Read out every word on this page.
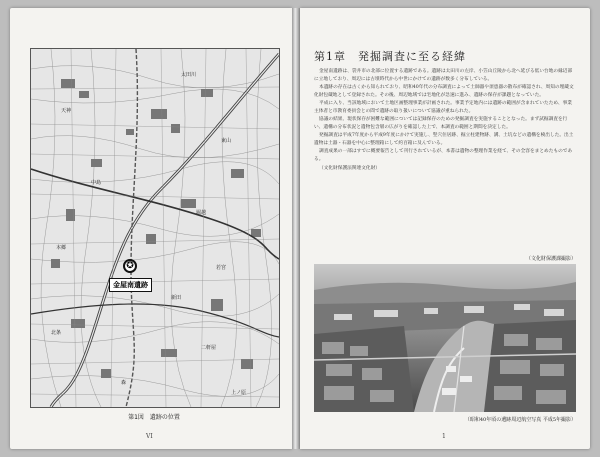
太田川
天神
東山
中島
堀越
本郷
若宮
新田
北条
二軒屋
森
上ノ原
✪
金屋南遺跡
第1図　遺跡の位置
VI
第1章　発掘調査に至る経緯

金屋南遺跡は、袋井市の北部に位置する遺跡である。遺跡は太田川の左岸、小笠山丘陵から北へ延びる低い台地の縁辺部に立地しており、周辺には古墳時代から中世にかけての遺跡が数多く分布している。

本遺跡の存在は古くから知られており、昭和40年代の分布調査によって土師器や須恵器の散布が確認され、周知の埋蔵文化財包蔵地として登録された。その後、周辺地域では宅地化が急速に進み、遺跡の保存が課題となっていた。

平成に入り、当該地域において土地区画整理事業が計画された。事業予定地内には遺跡の範囲が含まれていたため、事業主体者と市教育委員会との間で遺跡の取り扱いについて協議が重ねられた。

協議の結果、現状保存が困難な範囲については記録保存のための発掘調査を実施することとなった。まず試掘調査を行い、遺構の分布状況と遺物包含層の広がりを確認した上で、本調査の範囲と期間を決定した。

発掘調査は平成7年度から平成9年度にかけて実施し、竪穴住居跡、掘立柱建物跡、溝、土坑などの遺構を検出した。出土遺物は土器・石器を中心に整理箱にして約百箱に及んでいる。

調査成果の一部はすでに概要報告として刊行されているが、本書は遺物の整理作業を経て、その全容をまとめたものである。

（文化財保護法関連文化財）

（文化財保護課撮影）
（昭和40年頃の遺跡周辺航空写真 平成5年撮影）
1
